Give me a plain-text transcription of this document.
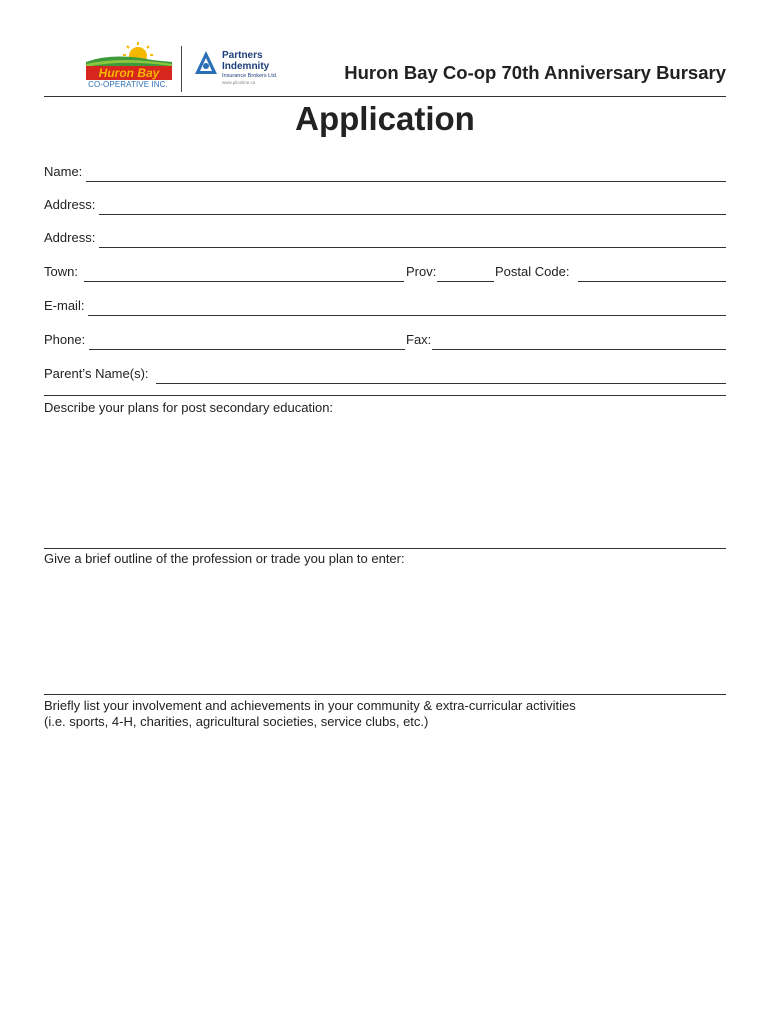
Huron Bay
CO-OPERATIVE INC.
Partners
Indemnity
Insurance Brokers Ltd.
www.pilonline.ca	Huron Bay Co-op 70th Anniversary Bursary
Application
Name:
Address:
Address:
Town:	Prov:	Postal Code:
E-mail:
Phone:	Fax:
Parent’s Name(s):
Describe your plans for post secondary education:
Give a brief outline of the profession or trade you plan to enter:
Briefly list your involvement and achievements in your community & extra-curricular activities
(i.e. sports, 4-H, charities, agricultural societies, service clubs, etc.)
